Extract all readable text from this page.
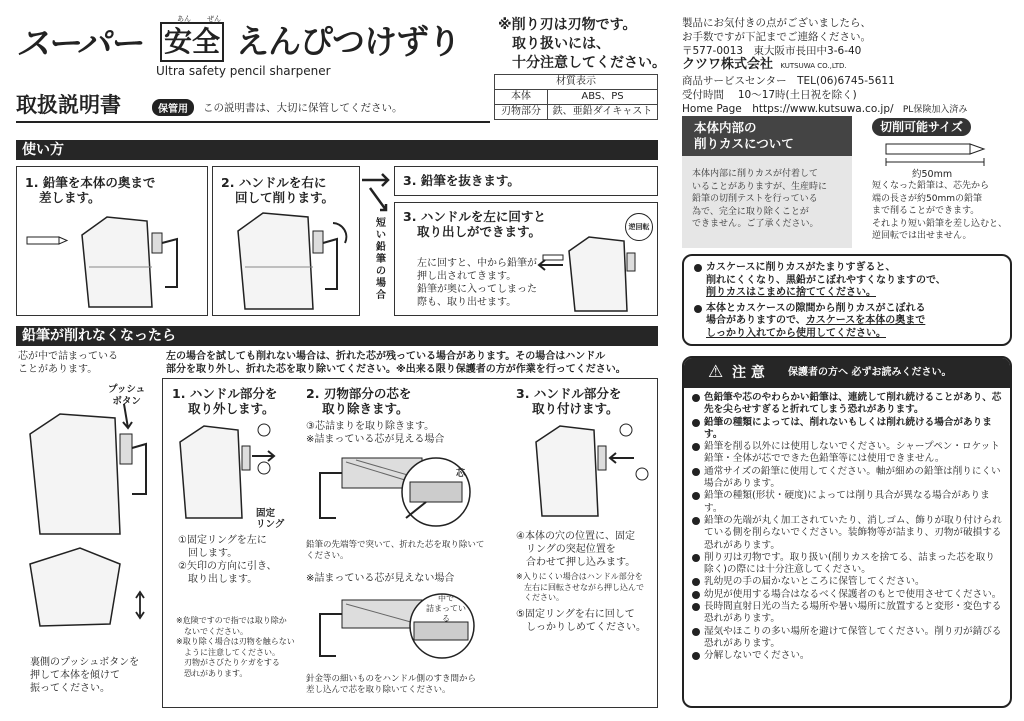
スーパー
あん ぜん
安全 えんぴつけずり
Ultra safety pencil sharpener
取扱説明書	保管用	この説明書は、大切に保管してください。
※削り刃は刃物です。
取り扱いには、
十分注意してください。
材質表示	
本体	ABS、PS
刃物部分	鉄、亜鉛ダイキャスト
製品にお気付きの点がございましたら、
お手数ですが下記までご連絡ください。
〒577-0013　東大阪市長田中3-6-40
クツワ株式会社 KUTSUWA CO.,LTD.
商品サービスセンター　TEL(06)6745-5611
受付時間　 10～17時(土日祝を除く)
Home Page　https://www.kutsuwa.co.jp/ PL保険加入済み
使い方
1. 鉛筆を本体の奥まで
差します。
2. ハンドルを右に
回して削ります。
短い鉛筆の場合
3. 鉛筆を抜きます。
3. ハンドルを左に回すと
取り出しができます。
左に回すと、中から鉛筆が
押し出されてきます。
鉛筆が奥に入ってしまった
際も、取り出せます。
逆回転
本体内部の
削りカスについて
本体内部に削りカスが付着して
いることがありますが、生産時に
鉛筆の切削テストを行っている
為で、完全に取り除くことが
できません。ご了承ください。
切削可能サイズ
約50mm
短くなった鉛筆は、芯先から
端の長さが約50mmの鉛筆
まで削ることができます。
それより短い鉛筆を差し込むと、
逆回転では出せません。
カスケースに削りカスがたまりすぎると、
削れにくくなり、黒鉛がこぼれやすくなりますので、
削りカスはこまめに捨ててください。
本体とカスケースの隙間から削りカスがこぼれる
場合がありますので、カスケースを本体の奥まで
しっかり入れてから使用してください。
鉛筆が削れなくなったら
芯が中で詰まっている
ことがあります。
左の場合を試しても削れない場合は、折れた芯が残っている場合があります。その場合はハンドル
部分を取り外し、折れた芯を取り除いてください。※出来る限り保護者の方が作業を行ってください。
プッシュ
ボタン
裏側のプッシュボタンを
押して本体を傾けて
振ってください。
1. ハンドル部分を
取り外します。
固定
リング
①固定リングを左に
　回します。
②矢印の方向に引き、
　取り出します。
※危険ですので指では取り除か
　ないでください。
※取り除く場合は刃物を触らない
　ように注意してください。
　刃物がさびたりケガをする
　恐れがあります。
2. 刃物部分の芯を
取り除きます。
③芯詰まりを取り除きます。
※詰まっている芯が見える場合
芯
鉛筆の先端等で突いて、折れた芯を取り除いて
ください。
※詰まっている芯が見えない場合
中で
詰まっている
針金等の細いものをハンドル側のすき間から
差し込んで芯を取り除いてください。
3. ハンドル部分を
取り付けます。
④本体の穴の位置に、固定
　リングの突起位置を
　合わせて押し込みます。
※入りにくい場合はハンドル部分を
　左右に回転させながら押し込んで
　ください。
⑤固定リングを右に回して
　しっかりしめてください。
⚠ 注 意 保護者の方へ 必ずお読みください。
色鉛筆や芯のやわらかい鉛筆は、連続して削れ続けることがあり、芯先を尖らせすぎると折れてしまう恐れがあります。
鉛筆の種類によっては、削れないもしくは削れ続ける場合があります。
鉛筆を削る以外には使用しないでください。シャープペン・ロケット鉛筆・全体が芯でできた色鉛筆等には使用できません。
通常サイズの鉛筆に使用してください。軸が細めの鉛筆は削りにくい場合があります。
鉛筆の種類(形状・硬度)によっては削り具合が異なる場合があります。
鉛筆の先端が丸く加工されていたり、消しゴム、飾りが取り付けられている側を削らないでください。装飾物等が詰まり、刃物が破損する恐れがあります。
削り刃は刃物です。取り扱い(削りカスを捨てる、詰まった芯を取り除く)の際には十分注意してください。
乳幼児の手の届かないところに保管してください。
幼児が使用する場合はなるべく保護者のもとで使用させてください。
長時間直射日光の当たる場所や暑い場所に放置すると変形・変色する恐れがあります。
湿気やほこりの多い場所を避けて保管してください。削り刃が錆びる恐れがあります。
分解しないでください。
